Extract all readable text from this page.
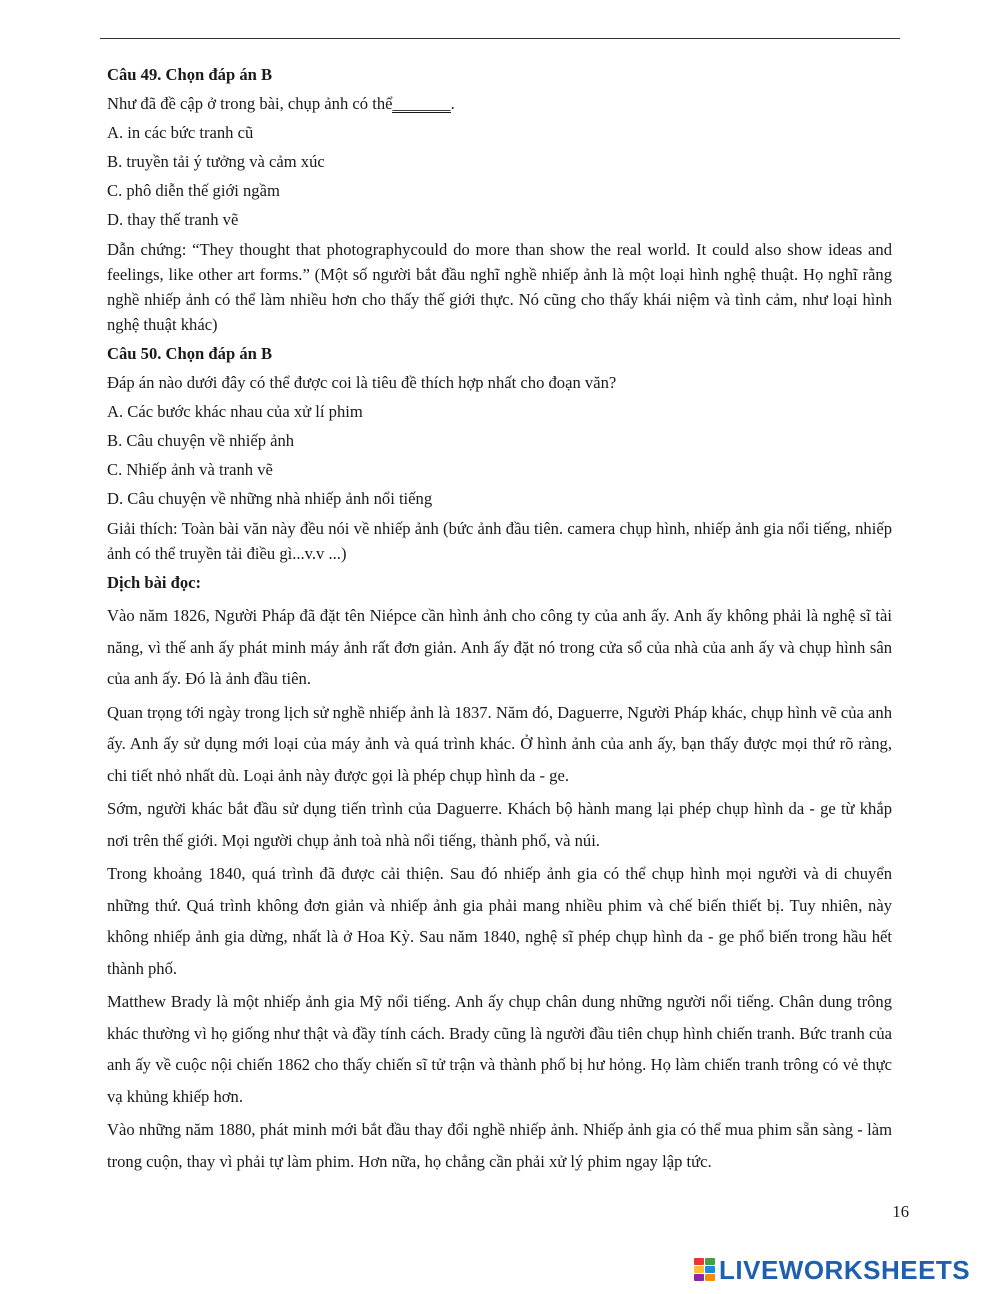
Câu 49. Chọn đáp án B

Như đã đề cập ở trong bài, chụp ảnh có thể_______.

A. in các bức tranh cũ

B. truyền tải ý tưởng và cảm xúc

C. phô diễn thế giới ngầm

D. thay thế tranh vẽ

Dẫn chứng: “They thought that photographycould do more than show the real world. It could also show ideas and feelings, like other art forms.” (Một số người bắt đầu nghĩ nghề nhiếp ảnh là một loại hình nghệ thuật. Họ nghĩ rằng nghề nhiếp ảnh có thể làm nhiều hơn cho thấy thế giới thực. Nó cũng cho thấy khái niệm và tình cảm, như loại hình nghệ thuật khác)

Câu 50. Chọn đáp án B

Đáp án nào dưới đây có thể được coi là tiêu đề thích hợp nhất cho đoạn văn?

A. Các bước khác nhau của xử lí phim

B. Câu chuyện về nhiếp ảnh

C. Nhiếp ảnh và tranh vẽ

D. Câu chuyện về những nhà nhiếp ảnh nổi tiếng

Giải thích: Toàn bài văn này đều nói về nhiếp ảnh (bức ảnh đầu tiên. camera chụp hình, nhiếp ảnh gia nổi tiếng, nhiếp ảnh có thể truyền tải điều gì...v.v ...)

Dịch bài đọc:

Vào năm 1826, Người Pháp đã đặt tên Niépce cần hình ảnh cho công ty của anh ấy. Anh ấy không phải là nghệ sĩ tài năng, vì thế anh ấy phát minh máy ảnh rất đơn giản. Anh ấy đặt nó trong cửa sổ của nhà của anh ấy và chụp hình sân của anh ấy. Đó là ảnh đầu tiên.

Quan trọng tới ngày trong lịch sử nghề nhiếp ảnh là 1837. Năm đó, Daguerre, Người Pháp khác, chụp hình vẽ của anh ấy. Anh ấy sử dụng mới loại của máy ảnh và quá trình khác. Ở hình ảnh của anh ấy, bạn thấy được mọi thứ rõ ràng, chi tiết nhỏ nhất dù. Loại ảnh này được gọi là phép chụp hình da - ge.

Sớm, người khác bắt đầu sử dụng tiến trình của Daguerre. Khách bộ hành mang lại phép chụp hình da - ge từ khắp nơi trên thế giới. Mọi người chụp ảnh toà nhà nổi tiếng, thành phố, và núi.

Trong khoảng 1840, quá trình đã được cải thiện. Sau đó nhiếp ảnh gia có thể chụp hình mọi người và di chuyển những thứ. Quá trình không đơn giản và nhiếp ảnh gia phải mang nhiều phim và chế biến thiết bị. Tuy nhiên, này không nhiếp ảnh gia dừng, nhất là ở Hoa Kỳ. Sau năm 1840, nghệ sĩ phép chụp hình da - ge phổ biến trong hầu hết thành phố.

Matthew Brady là một nhiếp ảnh gia Mỹ nổi tiếng. Anh ấy chụp chân dung những người nổi tiếng. Chân dung trông khác thường vì họ giống như thật và đầy tính cách. Brady cũng là người đầu tiên chụp hình chiến tranh. Bức tranh của anh ấy về cuộc nội chiến 1862 cho thấy chiến sĩ tử trận và thành phố bị hư hỏng. Họ làm chiến tranh trông có vẻ thực vạ khủng khiếp hơn.

Vào những năm 1880, phát minh mới bắt đầu thay đổi nghề nhiếp ảnh. Nhiếp ảnh gia có thể mua phim sẵn sàng - làm trong cuộn, thay vì phải tự làm phim. Hơn nữa, họ chẳng cần phải xử lý phim ngay lập tức.

16
LIVEWORKSHEETS
